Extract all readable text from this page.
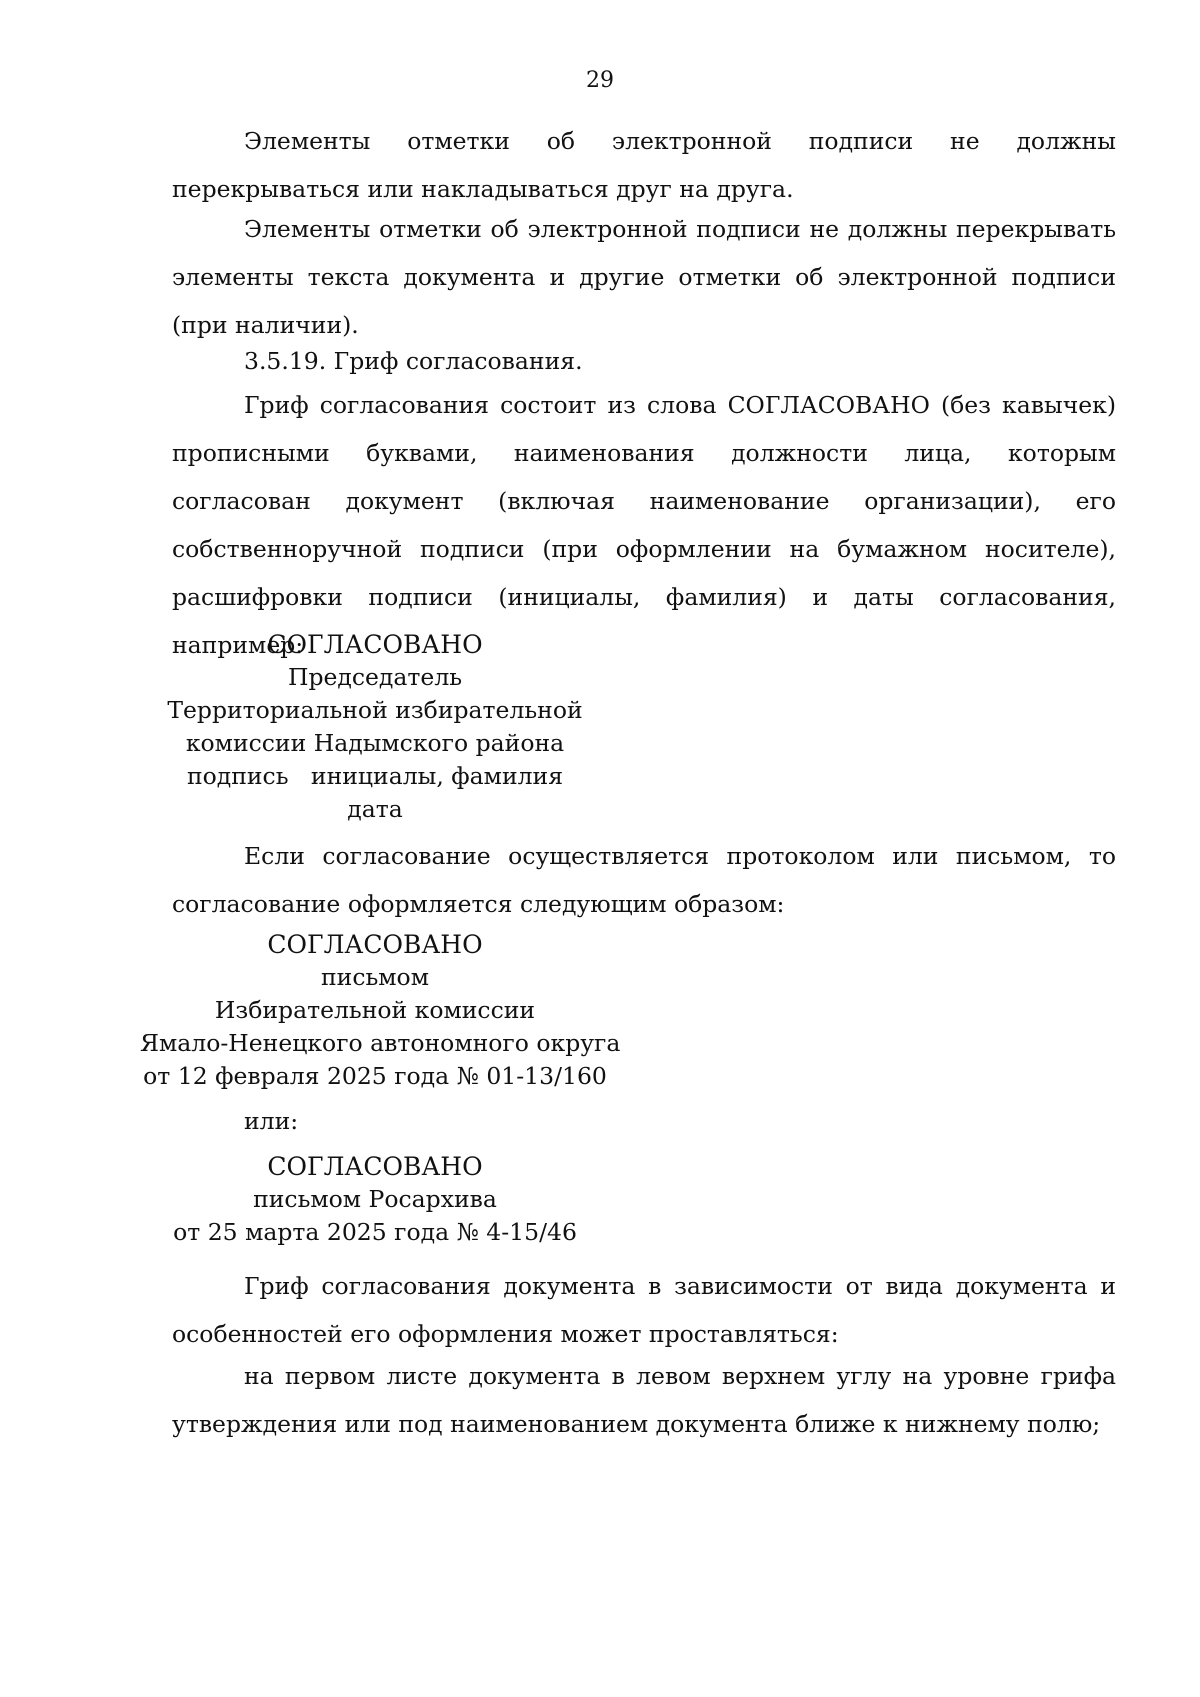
29

Элементы отметки об электронной подписи не должны перекрываться или накладываться друг на друга.

Элементы отметки об электронной подписи не должны перекрывать элементы текста документа и другие отметки об электронной подписи (при наличии).

3.5.19. Гриф согласования.

Гриф согласования состоит из слова СОГЛАСОВАНО (без кавычек) прописными буквами, наименования должности лица, которым согласован документ (включая наименование организации), его собственноручной подписи (при оформлении на бумажном носителе), расшифровки подписи (инициалы, фамилия) и даты согласования, например:

СОГЛАСОВАНО
Председатель
Территориальной избирательной
комиссии Надымского района
подпись   инициалы, фамилия
дата

Если согласование осуществляется протоколом или письмом, то согласование оформляется следующим образом:

СОГЛАСОВАНО
письмом
Избирательной комиссии
Ямало-Ненецкого автономного округа
от 12 февраля 2025 года № 01-13/160

или:

СОГЛАСОВАНО
письмом Росархива
от 25 марта 2025 года № 4-15/46

Гриф согласования документа в зависимости от вида документа и особенностей его оформления может проставляться:

на первом листе документа в левом верхнем углу на уровне грифа утверждения или под наименованием документа ближе к нижнему полю;
